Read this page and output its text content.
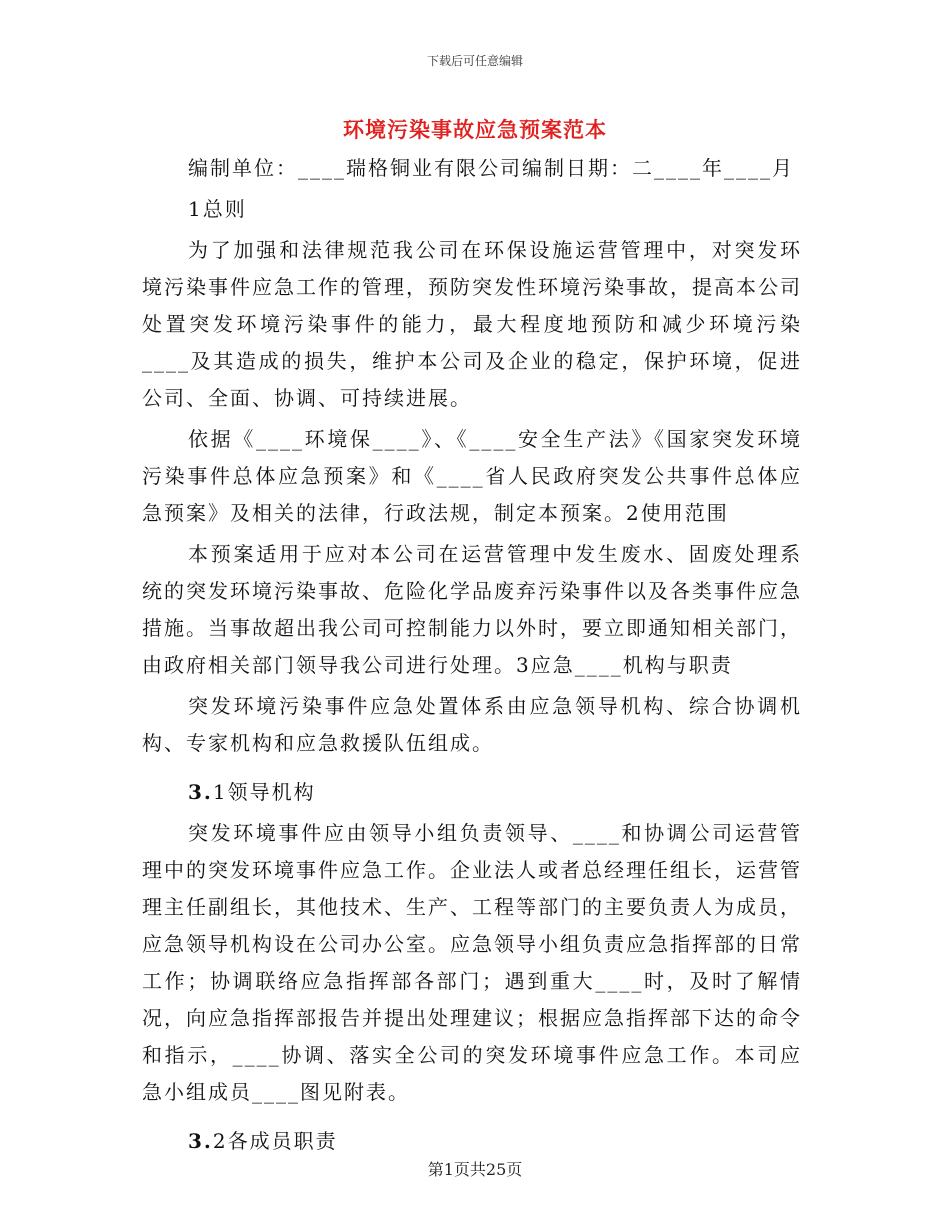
下载后可任意编辑
环境污染事故应急预案范本

编制单位：____瑞格铜业有限公司编制日期：二____年____月

1总则

为了加强和法律规范我公司在环保设施运营管理中，对突发环境污染事件应急工作的管理，预防突发性环境污染事故，提高本公司处置突发环境污染事件的能力，最大程度地预防和减少环境污染____及其造成的损失，维护本公司及企业的稳定，保护环境，促进公司、全面、协调、可持续进展。

依据《____环境保____》、《____安全生产法》《国家突发环境污染事件总体应急预案》和《____省人民政府突发公共事件总体应急预案》及相关的法律，行政法规，制定本预案。2使用范围

本预案适用于应对本公司在运营管理中发生废水、固废处理系统的突发环境污染事故、危险化学品废弃污染事件以及各类事件应急措施。当事故超出我公司可控制能力以外时，要立即通知相关部门，由政府相关部门领导我公司进行处理。3应急____机构与职责

突发环境污染事件应急处置体系由应急领导机构、综合协调机构、专家机构和应急救援队伍组成。

3.1领导机构

突发环境事件应由领导小组负责领导、____和协调公司运营管理中的突发环境事件应急工作。企业法人或者总经理任组长，运营管理主任副组长，其他技术、生产、工程等部门的主要负责人为成员，应急领导机构设在公司办公室。应急领导小组负责应急指挥部的日常工作；协调联络应急指挥部各部门；遇到重大____时，及时了解情况，向应急指挥部报告并提出处理建议；根据应急指挥部下达的命令和指示，____协调、落实全公司的突发环境事件应急工作。本司应急小组成员____图见附表。

3.2各成员职责

第1页共25页
